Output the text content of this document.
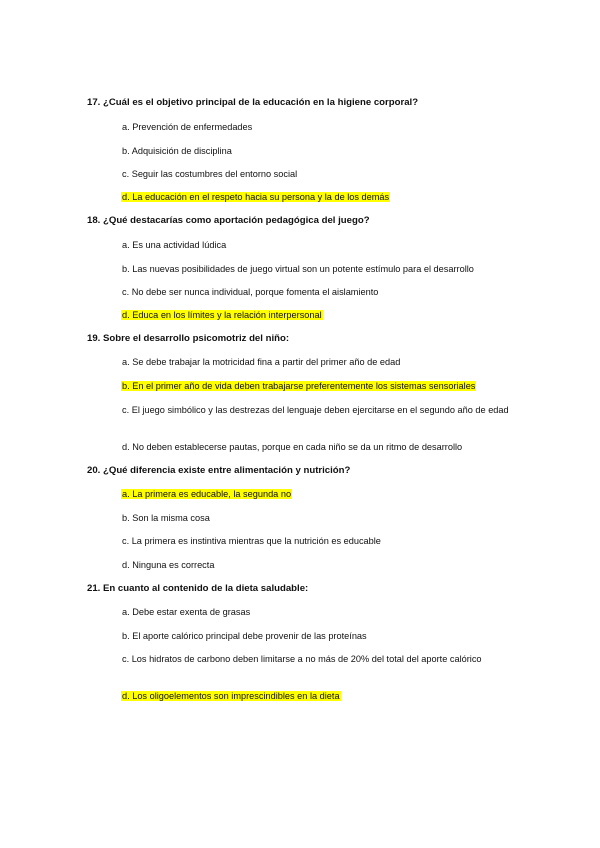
17. ¿Cuál es el objetivo principal de la educación en la higiene corporal?
a. Prevención de enfermedades
b. Adquisición de disciplina
c. Seguir las costumbres del entorno social
d. La educación en el respeto hacia su persona y la de los demás
18. ¿Qué destacarías como aportación pedagógica del juego?
a. Es una actividad lúdica
b. Las nuevas posibilidades de juego virtual son un potente estímulo para el desarrollo
c. No debe ser nunca individual, porque fomenta el aislamiento
d. Educa en los límites y la relación interpersonal
19. Sobre el desarrollo psicomotriz del niño:
a. Se debe trabajar la motricidad fina a partir del primer año de edad
b. En el primer año de vida deben trabajarse preferentemente los sistemas sensoriales
c. El juego simbólico y las destrezas del lenguaje deben ejercitarse en el segundo año de edad
d. No deben establecerse pautas, porque en cada niño se da un ritmo de desarrollo
20. ¿Qué diferencia existe entre alimentación y nutrición?
a. La primera es educable, la segunda no
b. Son la misma cosa
c. La primera es instintiva mientras que la nutrición es educable
d. Ninguna es correcta
21. En cuanto al contenido de la dieta saludable:
a. Debe estar exenta de grasas
b. El aporte calórico principal debe provenir de las proteínas
c. Los hidratos de carbono deben limitarse a no más de 20% del total del aporte calórico
d. Los oligoelementos son imprescindibles en la dieta
